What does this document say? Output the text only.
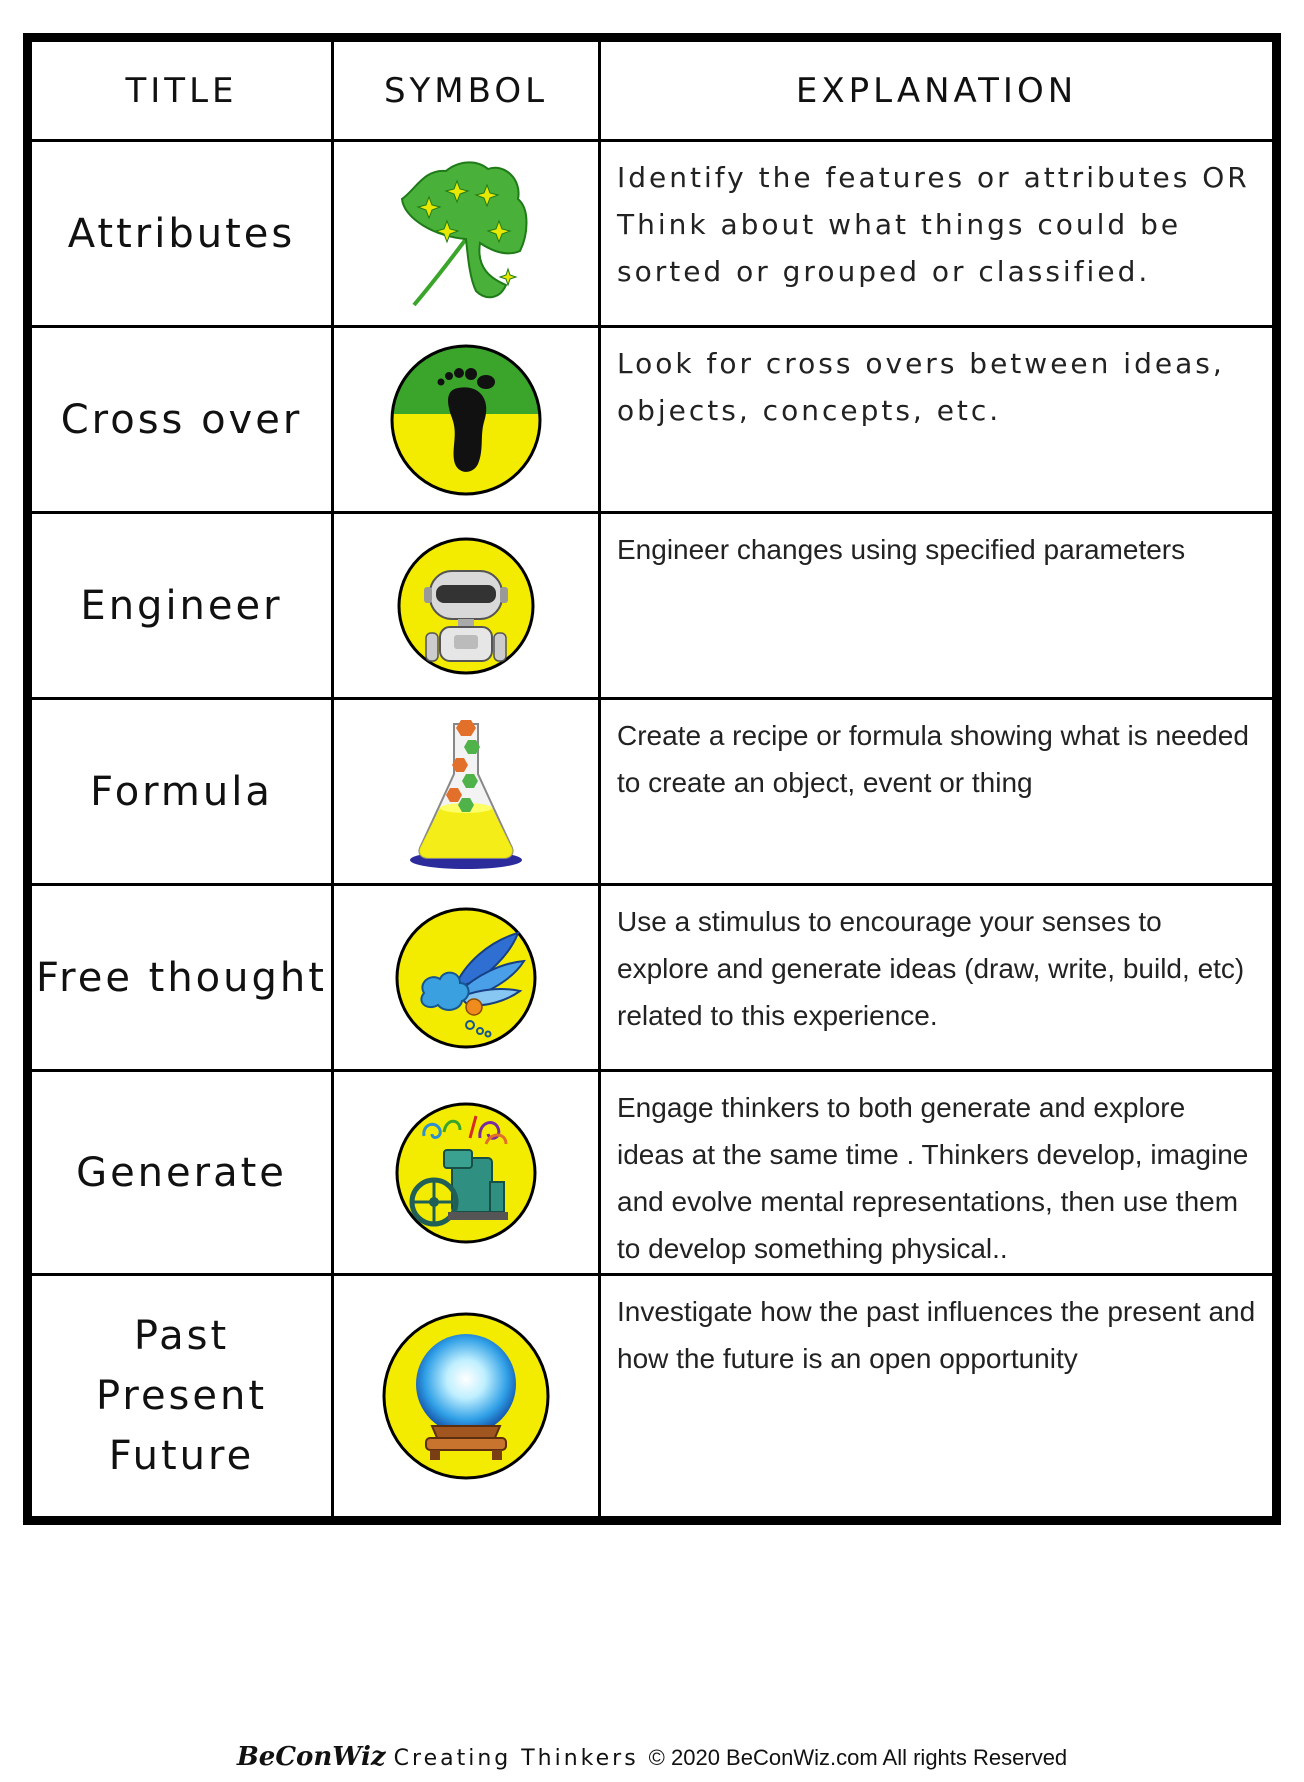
TITLE	SYMBOL	EXPLANATION
Attributes		Identify the features or attributes OR Think about what things could be sorted or grouped or classified.
Cross over		Look for cross overs between ideas, objects, concepts, etc.
Engineer		Engineer changes using specified parameters
Formula		Create a recipe or formula showing what is needed to create an object, event or thing
Free thought		Use a stimulus to encourage your senses to explore and generate ideas (draw, write, build, etc) related to this experience.
Generate		Engage thinkers to both generate and explore ideas at the same time . Thinkers develop, imagine and evolve mental representations, then use them to develop something physical..
Past Present Future		Investigate how the past influences the present and how the future is an open opportunity
BeConWiz Creating Thinkers © 2020 BeConWiz.com All rights Reserved
